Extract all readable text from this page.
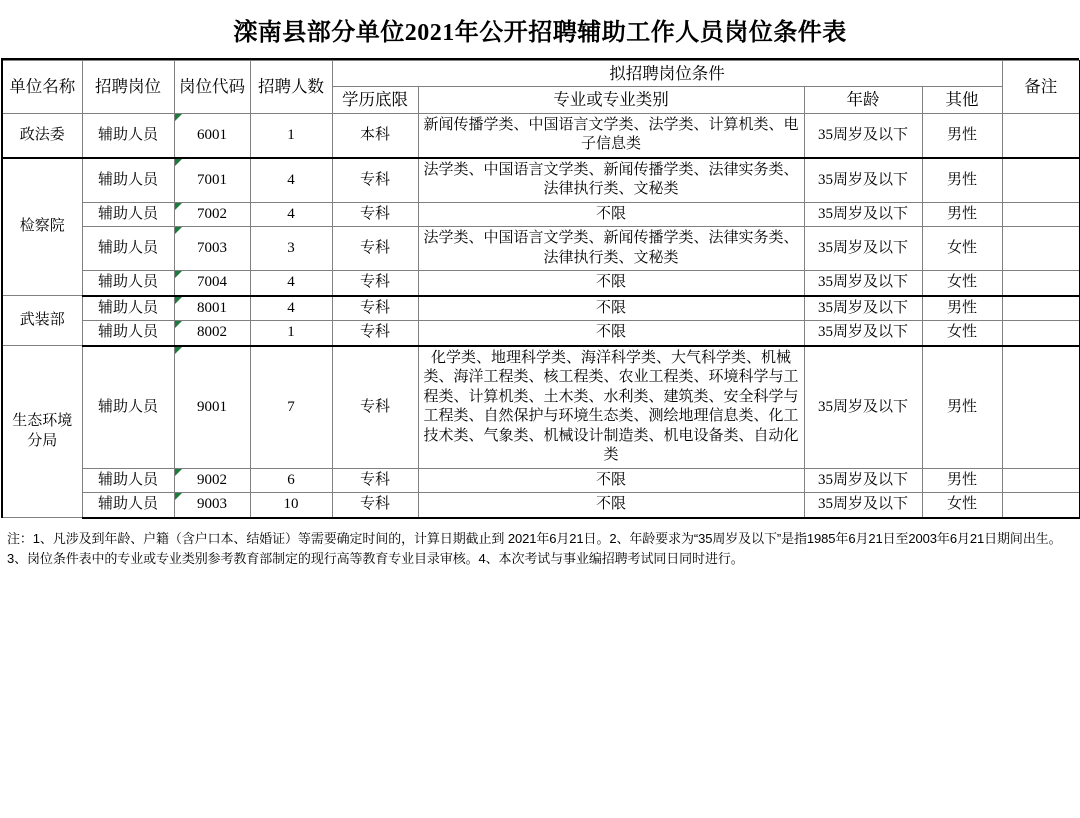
滦南县部分单位2021年公开招聘辅助工作人员岗位条件表
单位名称	招聘岗位	岗位代码	招聘人数	拟招聘岗位条件				备注
				学历底限	专业或专业类别	年龄	其他	
政法委	辅助人员	6001	1	本科	新闻传播学类、中国语言文学类、法学类、计算机类、电子信息类	35周岁及以下	男性	
检察院	辅助人员	7001	4	专科	法学类、中国语言文学类、新闻传播学类、法律实务类、法律执行类、文秘类	35周岁及以下	男性	
	辅助人员	7002	4	专科	不限	35周岁及以下	男性	
	辅助人员	7003	3	专科	法学类、中国语言文学类、新闻传播学类、法律实务类、法律执行类、文秘类	35周岁及以下	女性	
	辅助人员	7004	4	专科	不限	35周岁及以下	女性	
武装部	辅助人员	8001	4	专科	不限	35周岁及以下	男性	
	辅助人员	8002	1	专科	不限	35周岁及以下	女性	
生态环境分局	辅助人员	9001	7	专科	化学类、地理科学类、海洋科学类、大气科学类、机械类、海洋工程类、核工程类、农业工程类、环境科学与工程类、计算机类、土木类、水利类、建筑类、安全科学与工程类、自然保护与环境生态类、测绘地理信息类、化工技术类、气象类、机械设计制造类、机电设备类、自动化类	35周岁及以下	男性	
	辅助人员	9002	6	专科	不限	35周岁及以下	男性	
	辅助人员	9003	10	专科	不限	35周岁及以下	女性	
注：1、凡涉及到年龄、户籍（含户口本、结婚证）等需要确定时间的，计算日期截止到 2021年6月21日。2、年龄要求为“35周岁及以下”是指1985年6月21日至2003年6月21日期间出生。3、岗位条件表中的专业或专业类别参考教育部制定的现行高等教育专业目录审核。4、本次考试与事业编招聘考试同日同时进行。
